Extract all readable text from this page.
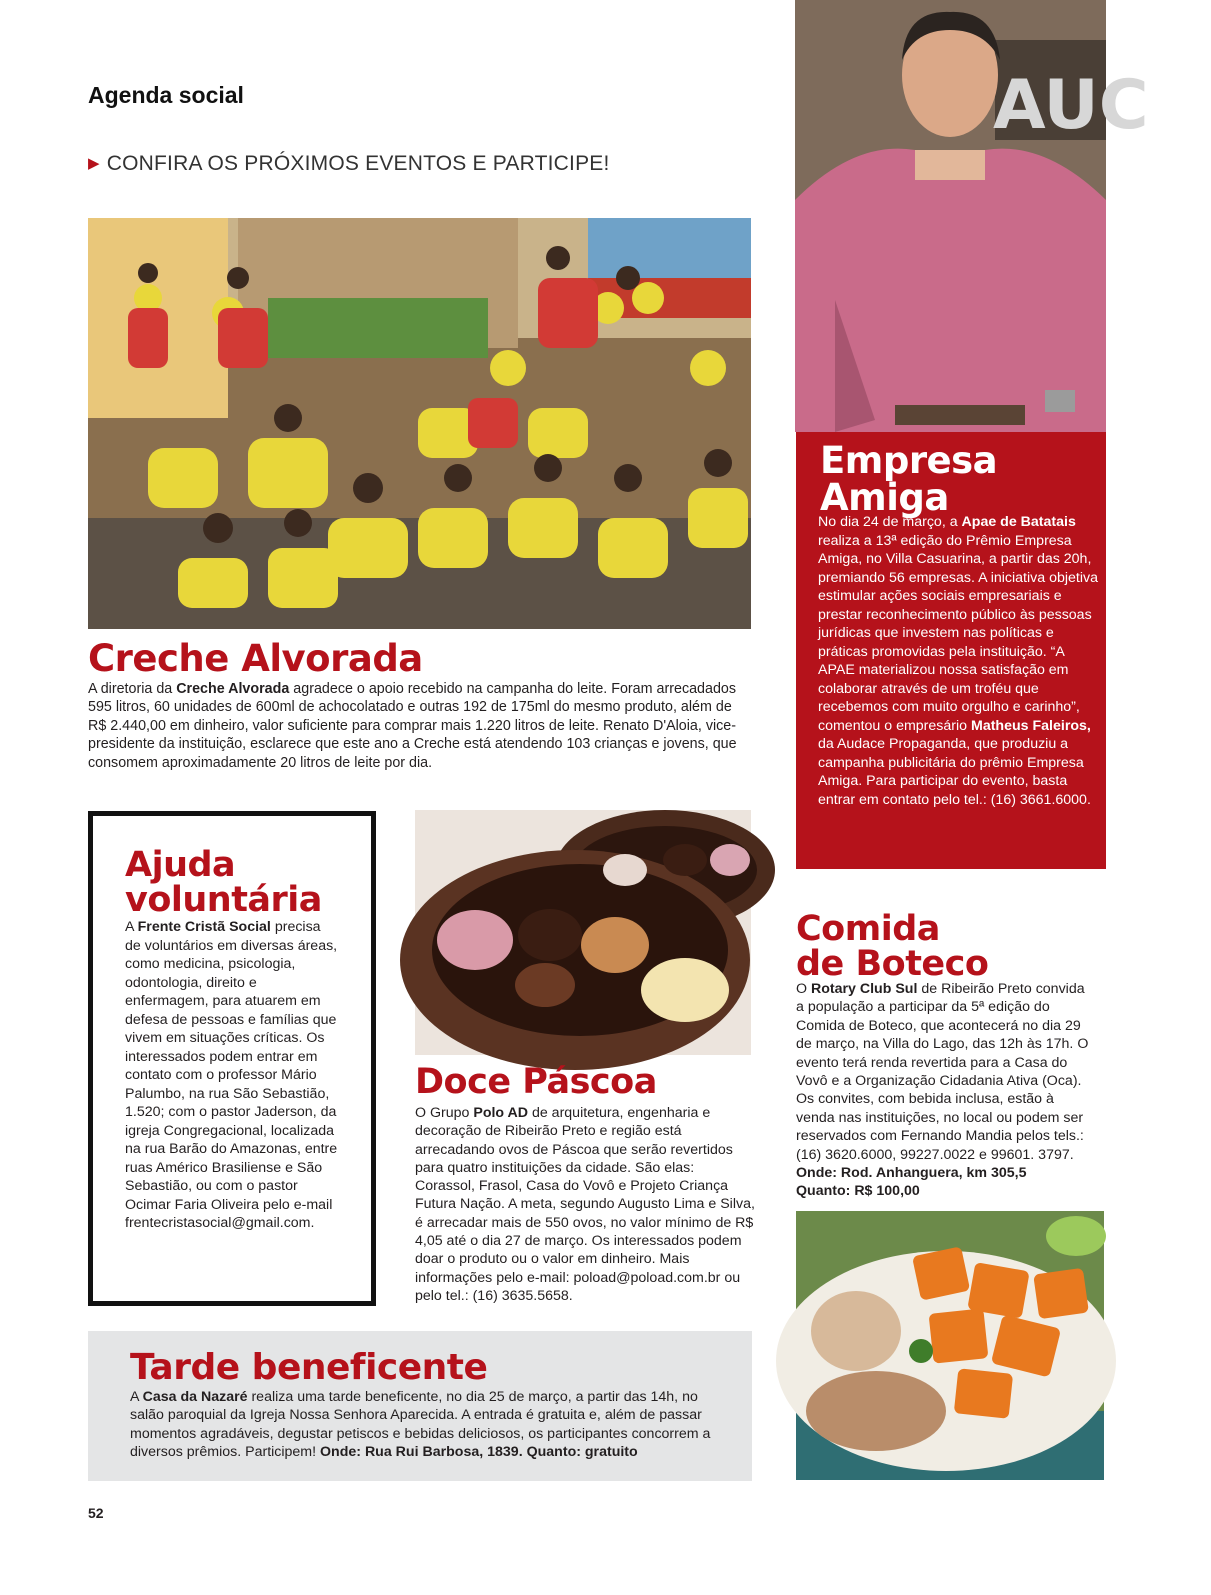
Agenda social
▶ CONFIRA OS PRÓXIMOS EVENTOS E PARTICIPE!
Creche Alvorada
A diretoria da Creche Alvorada agradece o apoio recebido na campanha do leite. Foram arrecadados 595 litros, 60 unidades de 600ml de achocolatado e outras 192 de 175ml do mesmo produto, além de R$ 2.440,00 em dinheiro, valor suficiente para comprar mais 1.220 litros de leite. Renato D'Aloia, vice-presidente da instituição, esclarece que este ano a Creche está atendendo 103 crianças e jovens, que consomem aproximadamente 20 litros de leite por dia.
AUC
Empresa
Amiga
No dia 24 de março, a Apae de Batatais realiza a 13ª edição do Prêmio Empresa Amiga, no Villa Casuarina, a partir das 20h, premiando 56 empresas. A iniciativa objetiva estimular ações sociais empresariais e prestar reconhecimento público às pessoas jurídicas que investem nas políticas e práticas promovidas pela instituição. “A APAE materializou nossa satisfação em colaborar através de um troféu que recebemos com muito orgulho e carinho”, comentou o empresário Matheus Faleiros, da Audace Propaganda, que produziu a campanha publicitária do prêmio Empresa Amiga. Para participar do evento, basta entrar em contato pelo tel.: (16) 3661.6000.
Ajuda
voluntária
A Frente Cristã Social precisa de voluntários em diversas áreas, como medicina, psicologia, odontologia, direito e enfermagem, para atuarem em defesa de pessoas e famílias que vivem em situações críticas. Os interessados podem entrar em contato com o professor Mário Palumbo, na rua São Sebastião, 1.520; com o pastor Jaderson, da igreja Congregacional, localizada na rua Barão do Amazonas, entre ruas Américo Brasiliense e São Sebastião, ou com o pastor Ocimar Faria Oliveira pelo e-mail frentecristasocial@gmail.com.
Doce Páscoa
O Grupo Polo AD de arquitetura, engenharia e decoração de Ribeirão Preto e região está arrecadando ovos de Páscoa que serão revertidos para quatro instituições da cidade. São elas: Corassol, Frasol, Casa do Vovô e Projeto Criança Futura Nação. A meta, segundo Augusto Lima e Silva, é arrecadar mais de 550 ovos, no valor mínimo de R$ 4,05 até o dia 27 de março. Os interessados podem doar o produto ou o valor em dinheiro. Mais informações pelo e-mail: poload@poload.com.br ou pelo tel.: (16) 3635.5658.
Comida
de Boteco
O Rotary Club Sul de Ribeirão Preto convida a população a participar da 5ª edição do Comida de Boteco, que acontecerá no dia 29 de março, na Villa do Lago, das 12h às 17h. O evento terá renda revertida para a Casa do Vovô e a Organização Cidadania Ativa (Oca). Os convites, com bebida inclusa, estão à venda nas instituições, no local ou podem ser reservados com Fernando Mandia pelos tels.: (16) 3620.6000, 99227.0022 e 99601. 3797.
Onde: Rod. Anhanguera, km 305,5
Quanto: R$ 100,00
Tarde beneficente
A Casa da Nazaré realiza uma tarde beneficente, no dia 25 de março, a partir das 14h, no salão paroquial da Igreja Nossa Senhora Aparecida. A entrada é gratuita e, além de passar momentos agradáveis, degustar petiscos e bebidas deliciosos, os participantes concorrem a diversos prêmios. Participem! Onde: Rua Rui Barbosa, 1839. Quanto: gratuito
52
